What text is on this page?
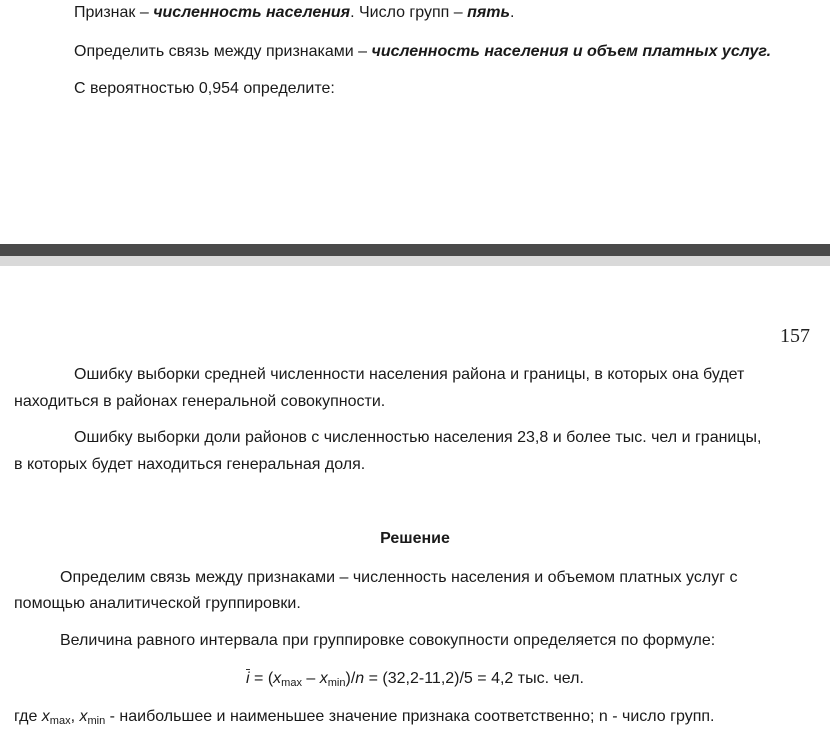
Признак – численность населения. Число групп – пять.
Определить связь между признаками – численность населения и объем платных услуг.
С вероятностью 0,954 определите:
157
Ошибку выборки средней численности населения района и границы, в которых она будет
находиться в районах генеральной совокупности.
Ошибку выборки доли районов с численностью населения 23,8 и более тыс. чел и границы,
в которых будет находиться генеральная доля.
Решение
Определим связь между признаками – численность населения и объемом платных услуг с
помощью аналитической группировки.
Величина равного интервала при группировке совокупности определяется по формуле:
$i = (x_{max} - x_{min})/n = (32,2-11,2)/5 = 4,2$ тыс. чел.
где $x_{max}$, $x_{min}$ - наибольшее и наименьшее значение признака соответственно; n - число групп.
